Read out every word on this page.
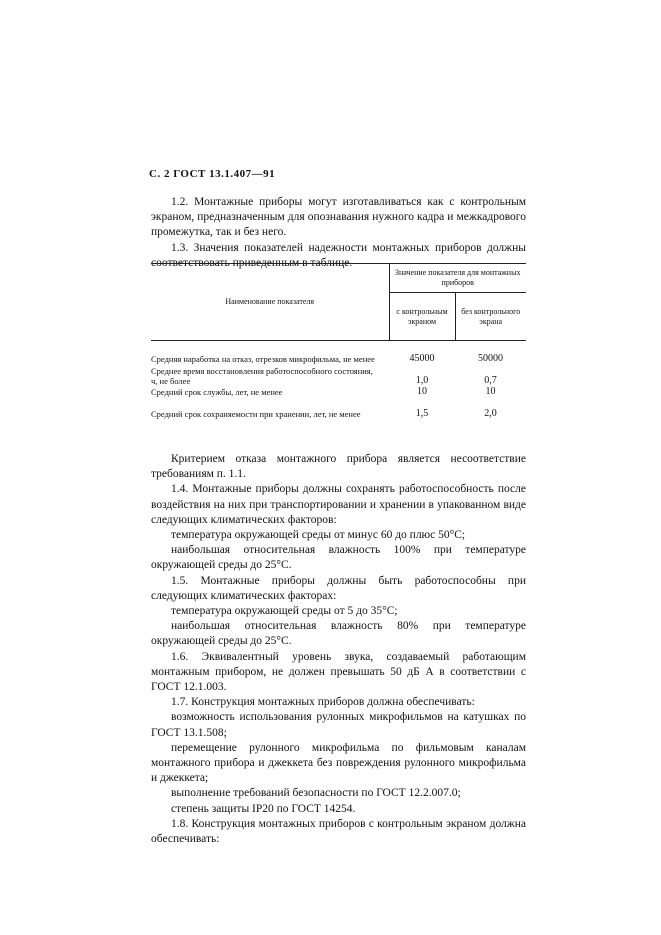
С. 2 ГОСТ 13.1.407—91

1.2. Монтажные приборы могут изготавливаться как с контрольным экраном, предназначенным для опознавания нужного кадра и межкадрового промежутка, так и без него.

1.3. Значения показателей надежности монтажных приборов должны соответствовать приведенным в таблице.

Наименование показателя	Значение показателя для монтажных приборов	
	с контрольным экраном	без контрольного экрана
Средняя наработка на отказ, отрезков микрофильма, не менее	45000	50000
Среднее время восстановления работоспособного состояния, ч, не более	1,0	0,7
Средний срок службы, лет, не менее	10	10
Средний срок сохраняемости при хранении, лет, не менее	1,5	2,0

Критерием отказа монтажного прибора является несоответствие требованиям п. 1.1.

1.4. Монтажные приборы должны сохранять работоспособность после воздействия на них при транспортировании и хранении в упакованном виде следующих климатических факторов:

температура окружающей среды от минус 60 до плюс 50°С;

наибольшая относительная влажность 100% при температуре окружающей среды до 25°С.

1.5. Монтажные приборы должны быть работоспособны при следующих климатических факторах:

температура окружающей среды от 5 до 35°С;

наибольшая относительная влажность 80% при температуре окружающей среды до 25°С.

1.6. Эквивалентный уровень звука, создаваемый работающим монтажным прибором, не должен превышать 50 дБ А в соответствии с ГОСТ 12.1.003.

1.7. Конструкция монтажных приборов должна обеспечивать:

возможность использования рулонных микрофильмов на катушках по ГОСТ 13.1.508;

перемещение рулонного микрофильма по фильмовым каналам монтажного прибора и джеккета без повреждения рулонного микрофильма и джеккета;

выполнение требований безопасности по ГОСТ 12.2.007.0;

степень защиты IP20 по ГОСТ 14254.

1.8. Конструкция монтажных приборов с контрольным экраном должна обеспечивать:
